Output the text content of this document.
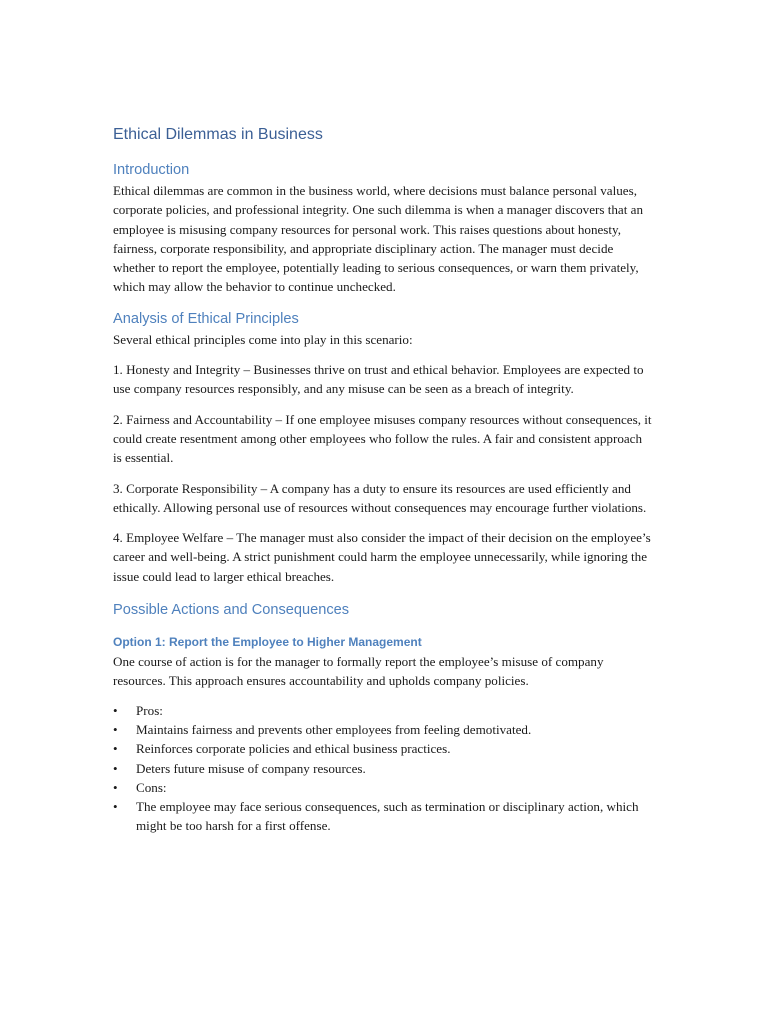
Ethical Dilemmas in Business
Introduction

Ethical dilemmas are common in the business world, where decisions must balance personal values, corporate policies, and professional integrity. One such dilemma is when a manager discovers that an employee is misusing company resources for personal work. This raises questions about honesty, fairness, corporate responsibility, and appropriate disciplinary action. The manager must decide whether to report the employee, potentially leading to serious consequences, or warn them privately, which may allow the behavior to continue unchecked.

Analysis of Ethical Principles

Several ethical principles come into play in this scenario:

1. Honesty and Integrity – Businesses thrive on trust and ethical behavior. Employees are expected to use company resources responsibly, and any misuse can be seen as a breach of integrity.

2. Fairness and Accountability – If one employee misuses company resources without consequences, it could create resentment among other employees who follow the rules. A fair and consistent approach is essential.

3. Corporate Responsibility – A company has a duty to ensure its resources are used efficiently and ethically. Allowing personal use of resources without consequences may encourage further violations.

4. Employee Welfare – The manager must also consider the impact of their decision on the employee’s career and well-being. A strict punishment could harm the employee unnecessarily, while ignoring the issue could lead to larger ethical breaches.

Possible Actions and Consequences
Option 1: Report the Employee to Higher Management

One course of action is for the manager to formally report the employee’s misuse of company resources. This approach ensures accountability and upholds company policies.

•	Pros:
•	Maintains fairness and prevents other employees from feeling demotivated.
•	Reinforces corporate policies and ethical business practices.
•	Deters future misuse of company resources.
•	Cons:
•	The employee may face serious consequences, such as termination or disciplinary action, which might be too harsh for a first offense.
